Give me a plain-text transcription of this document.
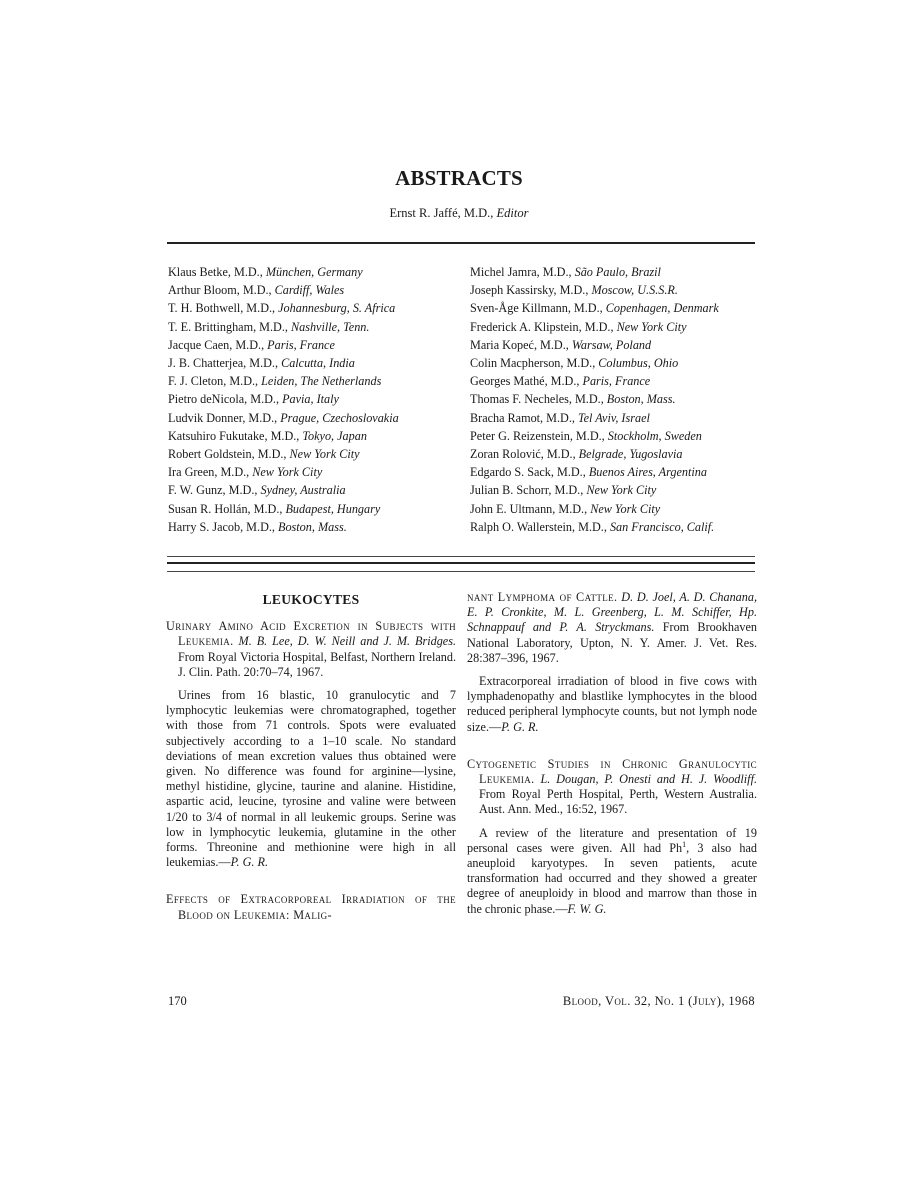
ABSTRACTS
Ernst R. Jaffé, M.D., Editor
Klaus Betke, M.D., München, Germany
Arthur Bloom, M.D., Cardiff, Wales
T. H. Bothwell, M.D., Johannesburg, S. Africa
T. E. Brittingham, M.D., Nashville, Tenn.
Jacque Caen, M.D., Paris, France
J. B. Chatterjea, M.D., Calcutta, India
F. J. Cleton, M.D., Leiden, The Netherlands
Pietro deNicola, M.D., Pavia, Italy
Ludvik Donner, M.D., Prague, Czechoslovakia
Katsuhiro Fukutake, M.D., Tokyo, Japan
Robert Goldstein, M.D., New York City
Ira Green, M.D., New York City
F. W. Gunz, M.D., Sydney, Australia
Susan R. Hollán, M.D., Budapest, Hungary
Harry S. Jacob, M.D., Boston, Mass.
Michel Jamra, M.D., São Paulo, Brazil
Joseph Kassirsky, M.D., Moscow, U.S.S.R.
Sven-Åge Killmann, M.D., Copenhagen, Denmark
Frederick A. Klipstein, M.D., New York City
Maria Kopeć, M.D., Warsaw, Poland
Colin Macpherson, M.D., Columbus, Ohio
Georges Mathé, M.D., Paris, France
Thomas F. Necheles, M.D., Boston, Mass.
Bracha Ramot, M.D., Tel Aviv, Israel
Peter G. Reizenstein, M.D., Stockholm, Sweden
Zoran Rolović, M.D., Belgrade, Yugoslavia
Edgardo S. Sack, M.D., Buenos Aires, Argentina
Julian B. Schorr, M.D., New York City
John E. Ultmann, M.D., New York City
Ralph O. Wallerstein, M.D., San Francisco, Calif.
LEUKOCYTES
Urinary Amino Acid Excretion in Subjects with Leukemia. M. B. Lee, D. W. Neill and J. M. Bridges. From Royal Victoria Hospital, Belfast, Northern Ireland. J. Clin. Path. 20:70–74, 1967.
Urines from 16 blastic, 10 granulocytic and 7 lymphocytic leukemias were chromatographed, together with those from 71 controls. Spots were evaluated subjectively according to a 1–10 scale. No standard deviations of mean excretion values thus obtained were given. No difference was found for arginine—lysine, methyl histidine, glycine, taurine and alanine. Histidine, aspartic acid, leucine, tyrosine and valine were between 1/20 to 3/4 of normal in all leukemic groups. Serine was low in lymphocytic leukemia, glutamine in the other forms. Threonine and methionine were high in all leukemias.—P. G. R.
Effects of Extracorporeal Irradiation of the Blood on Leukemia: Malig-
nant Lymphoma of Cattle. D. D. Joel, A. D. Chanana, E. P. Cronkite, M. L. Greenberg, L. M. Schiffer, Hp. Schnappauf and P. A. Stryckmans. From Brookhaven National Laboratory, Upton, N. Y. Amer. J. Vet. Res. 28:387–396, 1967.
Extracorporeal irradiation of blood in five cows with lymphadenopathy and blastlike lymphocytes in the blood reduced peripheral lymphocyte counts, but not lymph node size.—P. G. R.
Cytogenetic Studies in Chronic Granulocytic Leukemia. L. Dougan, P. Onesti and H. J. Woodliff. From Royal Perth Hospital, Perth, Western Australia. Aust. Ann. Med., 16:52, 1967.
A review of the literature and presentation of 19 personal cases were given. All had Ph$^1$, 3 also had aneuploid karyotypes. In seven patients, acute transformation had occurred and they showed a greater degree of aneuploidy in blood and marrow than those in the chronic phase.—F. W. G.
170	Blood, Vol. 32, No. 1 (July), 1968
